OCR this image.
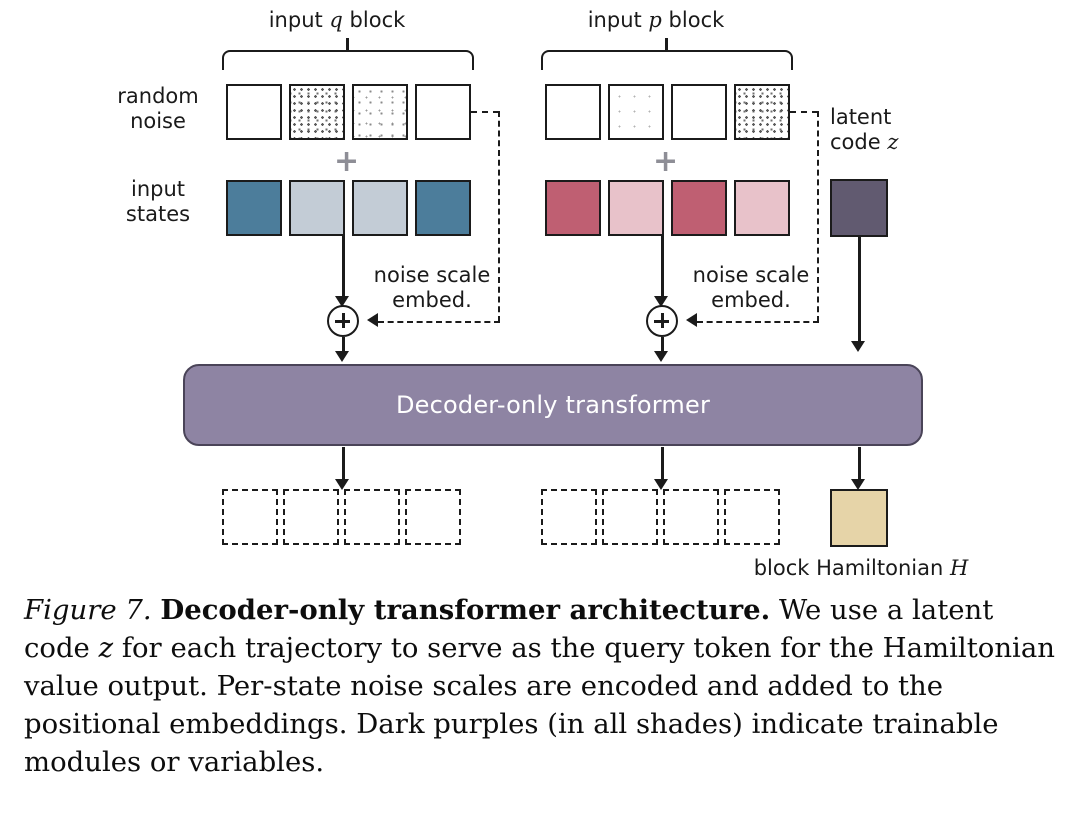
input q block	input p block
random
noise
input
states
+	+
latent
code z
noise scale
embed.
noise scale
embed.
Decoder-only transformer
block Hamiltonian H
Figure 7. Decoder-only transformer architecture. We use a latent code z for each trajectory to serve as the query token for the Hamiltonian value output. Per-state noise scales are encoded and added to the positional embeddings. Dark purples (in all shades) indicate trainable modules or variables.
